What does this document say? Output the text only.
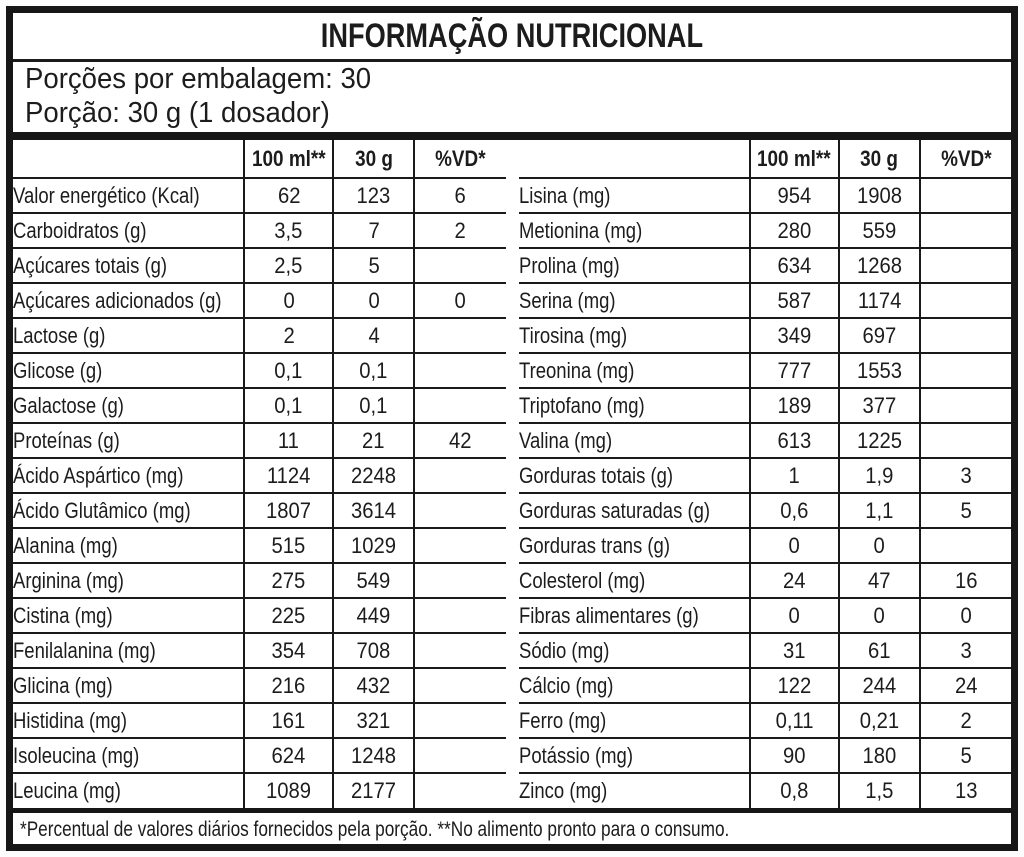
INFORMAÇÃO NUTRICIONAL
Porções por embalagem: 30
Porção: 30 g (1 dosador)
	100 ml**	30 g	%VD*
Valor energético (Kcal)	62	123	6
Carboidratos (g)	3,5	7	2
Açúcares totais (g)	2,5	5	
Açúcares adicionados (g)	0	0	0
Lactose (g)	2	4	
Glicose (g)	0,1	0,1	
Galactose (g)	0,1	0,1	
Proteínas (g)	11	21	42
Ácido Aspártico (mg)	1124	2248	
Ácido Glutâmico (mg)	1807	3614	
Alanina (mg)	515	1029	
Arginina (mg)	275	549	
Cistina (mg)	225	449	
Fenilalanina (mg)	354	708	
Glicina (mg)	216	432	
Histidina (mg)	161	321	
Isoleucina (mg)	624	1248	
Leucina (mg)	1089	2177	
	100 ml**	30 g	%VD*
Lisina (mg)	954	1908	
Metionina (mg)	280	559	
Prolina (mg)	634	1268	
Serina (mg)	587	1174	
Tirosina (mg)	349	697	
Treonina (mg)	777	1553	
Triptofano (mg)	189	377	
Valina (mg)	613	1225	
Gorduras totais (g)	1	1,9	3
Gorduras saturadas (g)	0,6	1,1	5
Gorduras trans (g)	0	0	
Colesterol (mg)	24	47	16
Fibras alimentares (g)	0	0	0
Sódio (mg)	31	61	3
Cálcio (mg)	122	244	24
Ferro (mg)	0,11	0,21	2
Potássio (mg)	90	180	5
Zinco (mg)	0,8	1,5	13
*Percentual de valores diários fornecidos pela porção. **No alimento pronto para o consumo.
